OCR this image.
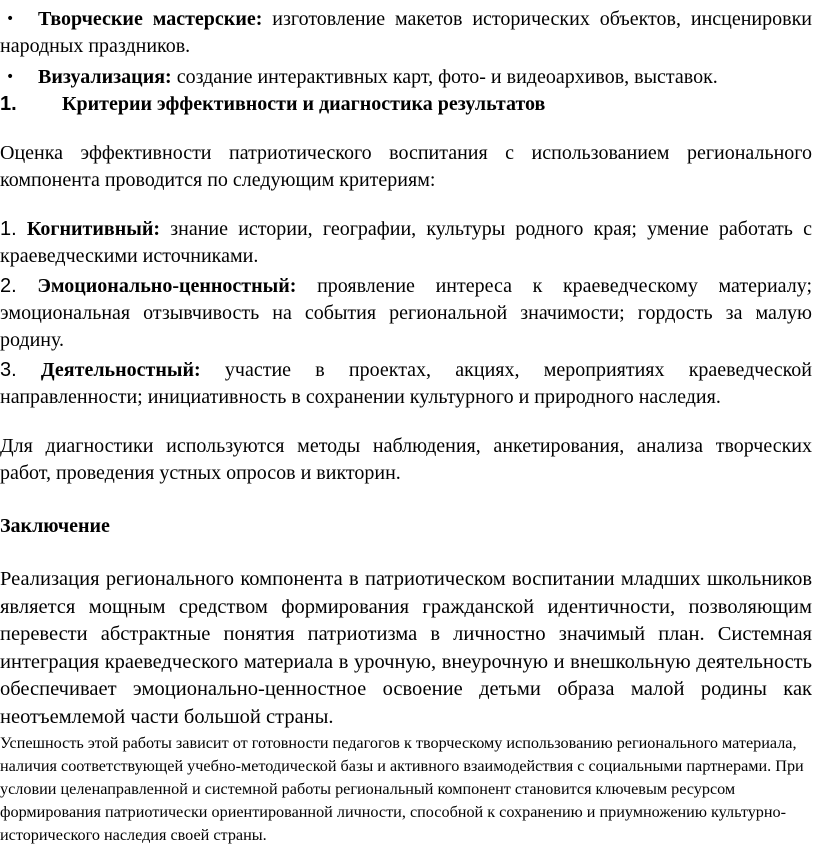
• Творческие мастерские: изготовление макетов исторических объектов, инсценировки народных праздников.

• Визуализация: создание интерактивных карт, фото- и видеоархивов, выставок.

1. Критерии эффективности и диагностика результатов

Оценка эффективности патриотического воспитания с использованием регионального компонента проводится по следующим критериям:

1. Когнитивный: знание истории, географии, культуры родного края; умение работать с краеведческими источниками.

2. Эмоционально-ценностный: проявление интереса к краеведческому материалу; эмоциональная отзывчивость на события региональной значимости; гордость за малую родину.

3. Деятельностный: участие в проектах, акциях, мероприятиях краеведческой направленности; инициативность в сохранении культурного и природного наследия.

Для диагностики используются методы наблюдения, анкетирования, анализа творческих работ, проведения устных опросов и викторин.

Заключение

Реализация регионального компонента в патриотическом воспитании младших школьников является мощным средством формирования гражданской идентичности, позволяющим перевести абстрактные понятия патриотизма в личностно значимый план. Системная интеграция краеведческого материала в урочную, внеурочную и внешкольную деятельность обеспечивает эмоционально-ценностное освоение детьми образа малой родины как неотъемлемой части большой страны.

Успешность этой работы зависит от готовности педагогов к творческому использованию регионального материала, наличия соответствующей учебно-методической базы и активного взаимодействия с социальными партнерами. При условии целенаправленной и системной работы региональный компонент становится ключевым ресурсом формирования патриотически ориентированной личности, способной к сохранению и приумножению культурно-исторического наследия своей страны.
